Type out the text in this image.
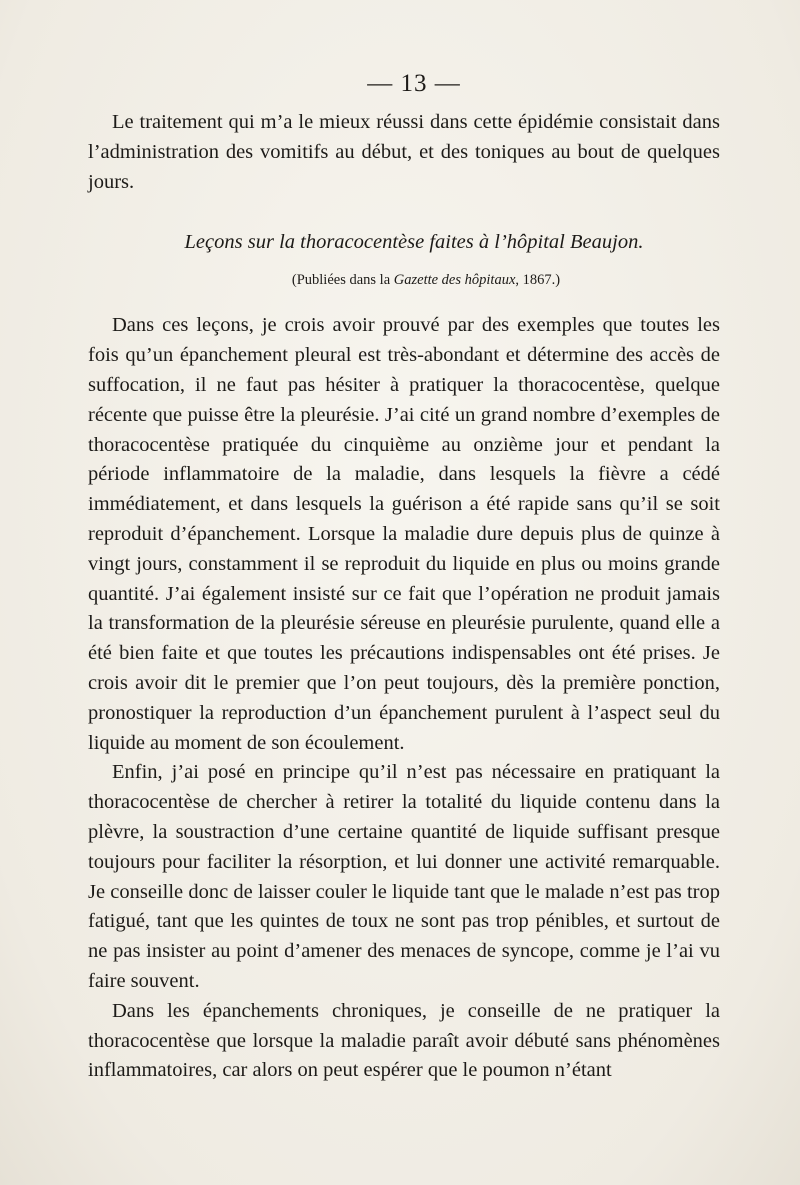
— 13 —

Le traitement qui m’a le mieux réussi dans cette épidémie consistait dans l’administration des vomitifs au début, et des toniques au bout de quelques jours.

Leçons sur la thoracocentèse faites à l’hôpital Beaujon.
(Publiées dans la Gazette des hôpitaux, 1867.)

Dans ces leçons, je crois avoir prouvé par des exemples que toutes les fois qu’un épanchement pleural est très-abondant et détermine des accès de suffocation, il ne faut pas hésiter à pratiquer la thoracocentèse, quelque récente que puisse être la pleurésie. J’ai cité un grand nombre d’exemples de thoracocentèse pratiquée du cinquième au onzième jour et pendant la période inflammatoire de la maladie, dans lesquels la fièvre a cédé immédiatement, et dans lesquels la guérison a été rapide sans qu’il se soit reproduit d’épanchement. Lorsque la maladie dure depuis plus de quinze à vingt jours, constamment il se reproduit du liquide en plus ou moins grande quantité. J’ai également insisté sur ce fait que l’opération ne produit jamais la transformation de la pleurésie séreuse en pleurésie purulente, quand elle a été bien faite et que toutes les précautions indispensables ont été prises. Je crois avoir dit le premier que l’on peut toujours, dès la première ponction, pronostiquer la reproduction d’un épanchement purulent à l’aspect seul du liquide au moment de son écoulement.

Enfin, j’ai posé en principe qu’il n’est pas nécessaire en pratiquant la thoracocentèse de chercher à retirer la totalité du liquide contenu dans la plèvre, la soustraction d’une certaine quantité de liquide suffisant presque toujours pour faciliter la résorption, et lui donner une activité remarquable. Je conseille donc de laisser couler le liquide tant que le malade n’est pas trop fatigué, tant que les quintes de toux ne sont pas trop pénibles, et surtout de ne pas insister au point d’amener des menaces de syncope, comme je l’ai vu faire souvent.

Dans les épanchements chroniques, je conseille de ne pratiquer la thoracocentèse que lorsque la maladie paraît avoir débuté sans phénomènes inflammatoires, car alors on peut espérer que le poumon n’étant
